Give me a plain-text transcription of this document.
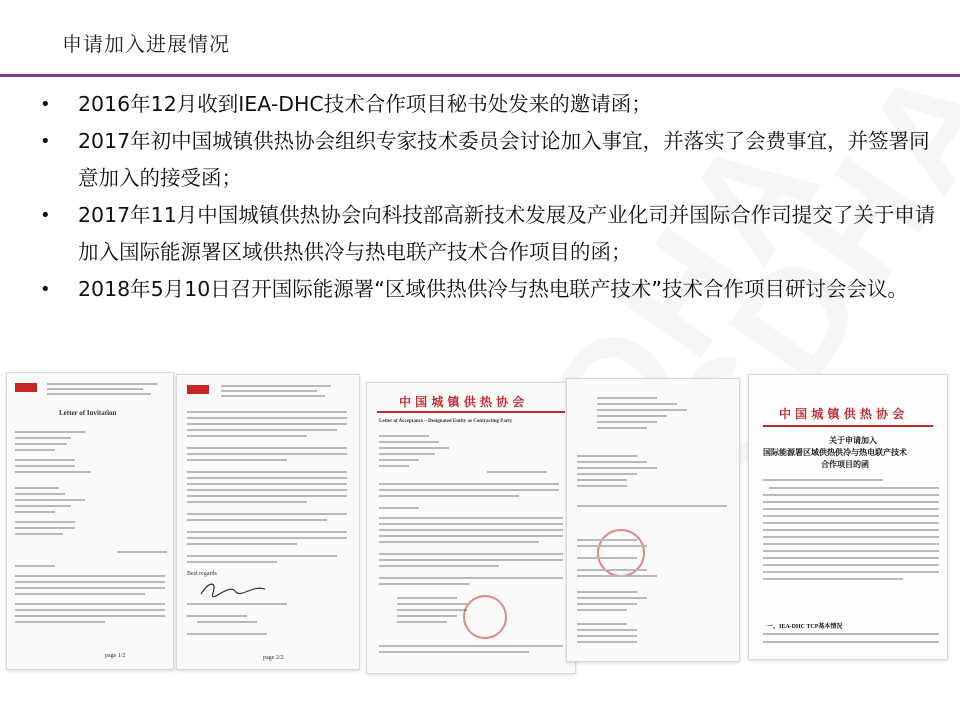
申请加入进展情况
• 2016年12月收到IEA-DHC技术合作项目秘书处发来的邀请函；
• 2017年初中国城镇供热协会组织专家技术委员会讨论加入事宜，并落实了会费事宜，并签署同意加入的接受函；
• 2017年11月中国城镇供热协会向科技部高新技术发展及产业化司并国际合作司提交了关于申请加入国际能源署区域供热供冷与热电联产技术合作项目的函；
• 2018年5月10日召开国际能源署“区域供热供冷与热电联产技术”技术合作项目研讨会会议。
Letter of Invitation
page 1/2
Best regards
page 2/2
中 国 城 镇 供 热 协 会
Letter of Acceptance – Designated Entity as Contracting Party
中 国 城 镇 供 热 协 会
关于申请加入
国际能源署区域供热供冷与热电联产技术
合作项目的函
一、IEA-DHC TCP基本情况
